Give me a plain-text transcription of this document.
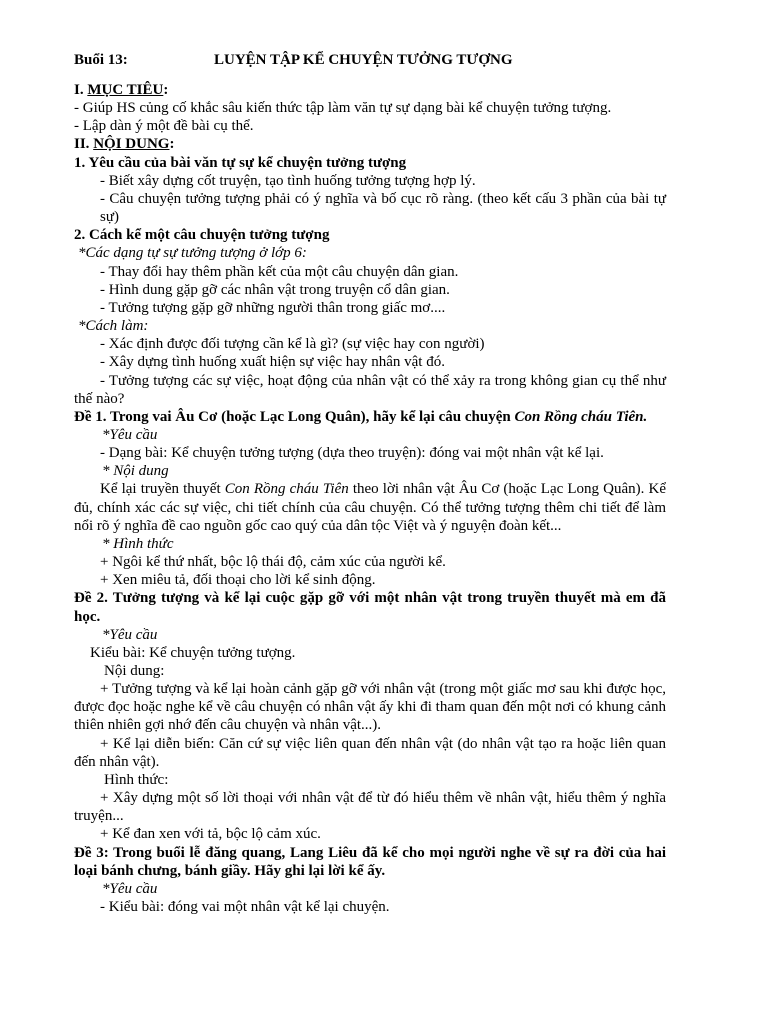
Buổi 13:	LUYỆN TẬP KỂ CHUYỆN TƯỞNG TƯỢNG

I. MỤC TIÊU:

- Giúp HS củng cố khắc sâu kiến thức tập làm văn tự sự dạng bài kể chuyện tưởng tượng.

- Lập dàn ý một đề bài cụ thể.

II. NỘI DUNG:

1. Yêu cầu của bài văn tự sự kể chuyện tưởng tượng

- Biết xây dựng cốt truyện, tạo tình huống tưởng tượng hợp lý.

- Câu chuyện tưởng tượng phải có ý nghĩa và bố cục rõ ràng. (theo kết cấu 3 phần của bài tự sự)

2. Cách kể một câu chuyện tưởng tượng

*Các dạng tự sự tưởng tượng ở lớp 6:

- Thay đổi hay thêm phần kết của một câu chuyện dân gian.

- Hình dung gặp gỡ các nhân vật trong truyện cổ dân gian.

- Tưởng tượng gặp gỡ những người thân trong giấc mơ....

*Cách làm:

- Xác định được đối tượng cần kể là gì? (sự việc hay con người)

- Xây dựng tình huống xuất hiện sự việc hay nhân vật đó.

- Tưởng tượng các sự việc, hoạt động của nhân vật có thể xảy ra trong không gian cụ thể như thế nào?

Đề 1. Trong vai Âu Cơ (hoặc Lạc Long Quân), hãy kể lại câu chuyện Con Rồng cháu Tiên.

*Yêu cầu

- Dạng bài: Kể chuyện tưởng tượng (dựa theo truyện): đóng vai một nhân vật kể lại.

* Nội dung

Kể lại truyền thuyết Con Rồng cháu Tiên theo lời nhân vật Âu Cơ (hoặc Lạc Long Quân). Kể đủ, chính xác các sự việc, chi tiết chính của câu chuyện. Có thể tưởng tượng thêm chi tiết để làm nổi rõ ý nghĩa đề cao nguồn gốc cao quý của dân tộc Việt và ý nguyện đoàn kết...

* Hình thức

+ Ngôi kể thứ nhất, bộc lộ thái độ, cảm xúc của người kể.

+ Xen miêu tả, đối thoại cho lời kể sinh động.

Đề 2. Tưởng tượng và kể lại cuộc gặp gỡ với một nhân vật trong truyền thuyết mà em đã học.

*Yêu cầu

Kiểu bài: Kể chuyện tưởng tượng.

Nội dung:

+ Tưởng tượng và kể lại hoàn cảnh gặp gỡ với nhân vật (trong một giấc mơ sau khi được học, được đọc hoặc nghe kể về câu chuyện có nhân vật ấy khi đi tham quan đến một nơi có khung cảnh thiên nhiên gợi nhớ đến câu chuyện và nhân vật...).

+ Kể lại diễn biến: Căn cứ sự việc liên quan đến nhân vật (do nhân vật tạo ra hoặc liên quan đến nhân vật).

Hình thức:

+ Xây dựng một số lời thoại với nhân vật để từ đó hiểu thêm về nhân vật, hiểu thêm ý nghĩa truyện...

+ Kể đan xen với tả, bộc lộ cảm xúc.

Đề 3: Trong buổi lễ đăng quang, Lang Liêu đã kể cho mọi người nghe về sự ra đời của hai loại bánh chưng, bánh giầy. Hãy ghi lại lời kể ấy.

*Yêu cầu

- Kiểu bài: đóng vai một nhân vật kể lại chuyện.
